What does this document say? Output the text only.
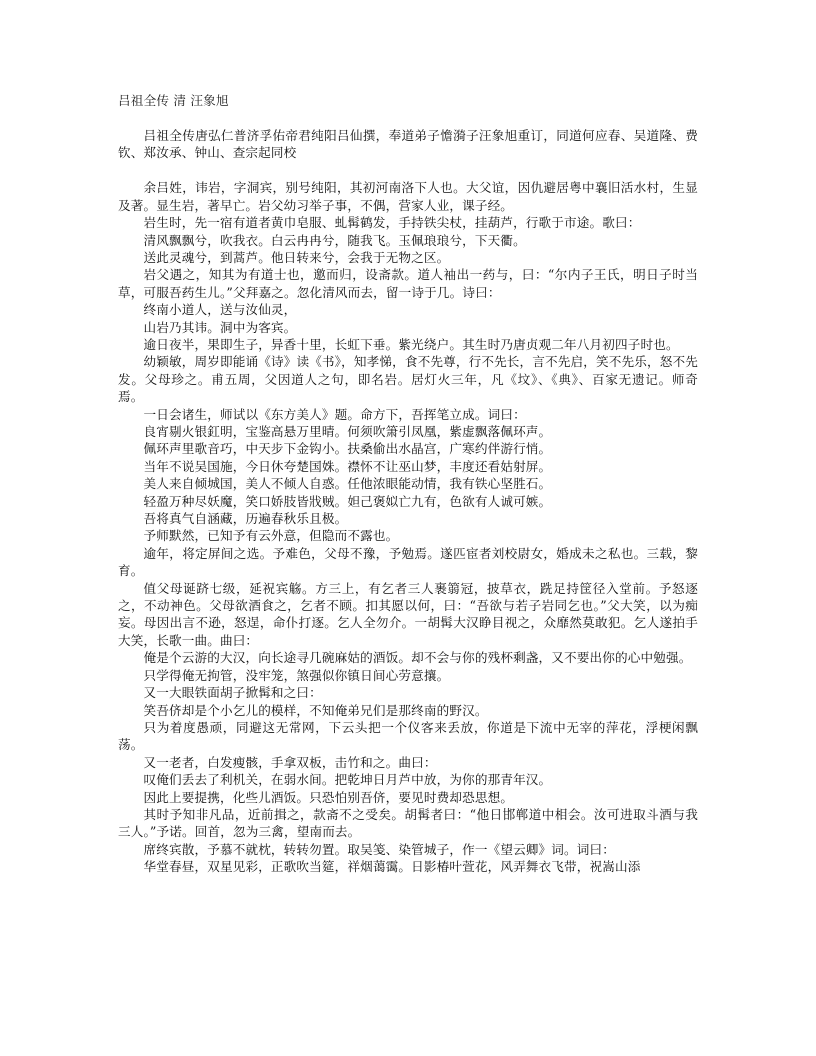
吕祖全传 清 汪象旭

吕祖全传唐弘仁普济孚佑帝君纯阳吕仙撰，奉道弟子憺漪子汪象旭重订，同道何应春、吴道隆、费钦、郑汝承、钟山、查宗起同校

余吕姓，讳岩，字洞宾，别号纯阳，其初河南洛下人也。大父谊，因仇避居粤中襄旧活水村，生显及著。显生岩，著早亡。岩父幼习举子事，不偶，营家人业，课子经。

岩生时，先一宿有道者黄巾皂服、虬髯鹤发，手持铁尖杖，挂葫芦，行歌于市途。歌曰：

清风飘飘兮，吹我衣。白云冉冉兮，随我飞。玉佩琅琅兮，下天衢。

送此灵魂兮，到蒿芦。他日转来兮，会我于无物之区。

岩父遇之，知其为有道士也，邀而归，设斋款。道人袖出一药与，曰：“尔内子王氏，明日子时当草，可服吾药生儿。”父拜嘉之。忽化清风而去，留一诗于几。诗曰：

终南小道人，送与汝仙灵，

山岩乃其讳。洞中为客宾。

逾日夜半，果即生子，异香十里，长虹下垂。紫光绕户。其生时乃唐贞观二年八月初四子时也。

幼颖敏，周岁即能诵《诗》读《书》，知孝悌，食不先尊，行不先长，言不先启，笑不先乐，怒不先发。父母珍之。甫五周，父因道人之句，即名岩。居灯火三年，凡《坟》、《典》、百家无遗记。师奇焉。

一日会诸生，师试以《东方美人》题。命方下，吾挥笔立成。词曰：

良宵剔火银釭明，宝鉴高悬万里晴。何须吹箫引凤凰，紫虚飘落佩环声。

佩环声里歌音巧，中天步下金钩小。扶桑偷出水晶宫，广寒约伴游行悄。

当年不说吴国施，今日休夸楚国姝。襟怀不让巫山梦，丰度还看姑射屏。

美人来自倾城国，美人不倾人自惑。任他浓眼能动情，我有铁心坚胜石。

轻盈万种尽妖魔，笑口娇肢皆戕贼。妲己褒姒亡九有，色欲有人诚可嫉。

吾将真气自涵藏，历遍春秋乐且极。

予师默然，已知予有云外意，但隐而不露也。

逾年，将定屏间之选。予难色，父母不豫，予勉焉。遂匹宦者刘校尉女，婚成未之私也。三载，黎育。

值父母诞跻七级，延祝宾觞。方三上，有乞者三人裹篛冠，披草衣，跣足持筐径入堂前。予怒逐之，不动神色。父母欲酒食之，乞者不顾。扣其愿以何，曰：“吾欲与若子岩同乞也。”父大笑，以为痴妄。母因出言不逊，怒逞，命仆打逐。乞人全勿介。一胡髯大汉睁目视之，众靡然莫敢犯。乞人遂拍手大笑，长歌一曲。曲曰：

俺是个云游的大汉，向长途寻几碗麻姑的酒饭。却不会与你的残杯剩盏，又不要出你的心中勉强。

只学得俺无拘管，没牢笼，煞强似你镇日间心劳意攘。

又一大眼铁面胡子掀髯和之曰：

笑吾侪却是个小乞儿的模样，不知俺弟兄们是那终南的野汉。

只为着度愚顽，同避这无常网，下云头把一个仪客来丢放，你道是下流中无宰的萍花，浮梗闲飘荡。

又一老者，白发瘦骸，手拿双板，击竹和之。曲曰：

叹俺们丢去了利机关，在弱水间。把乾坤日月芦中放，为你的那青年汉。

因此上要提携，化些儿酒饭。只恐怕别吾侪，要见时费却恐思想。

其时予知非凡品，近前揖之，款斋不之受矣。胡髯者曰：“他日邯郸道中相会。汝可进取斗酒与我三人。”予诺。回首，忽为三禽，望南而去。

席终宾散，予慕不就枕，转转勿置。取吴笺、染管城子，作一《望云卿》词。词曰：

华堂春昼，双星见彩，正歌吹当筵，祥烟蔼霭。日影椿叶萱花，风弄舞衣飞带，祝嵩山添
